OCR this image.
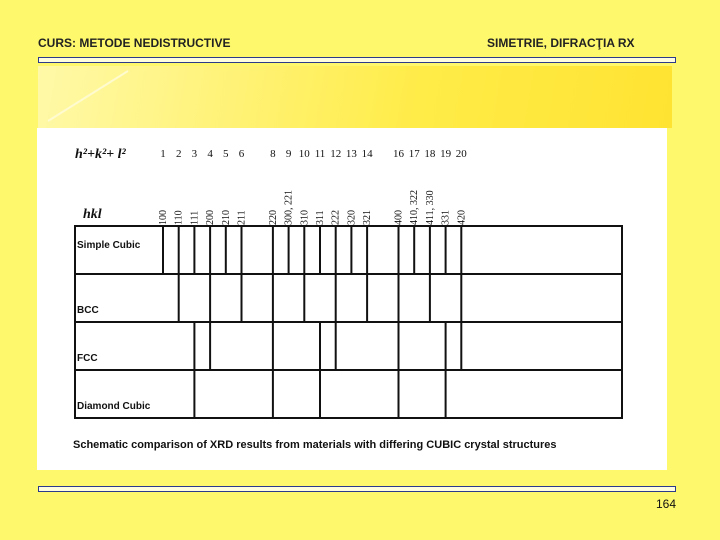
CURS: METODE NEDISTRUCTIVE	SIMETRIE, DIFRACŢIA RX
h²+k²+ l²
hkl
1 2 3 4 5 6 8 9 10 11 12 13 14 16 17 18 19 20
100 110 111 200 210 211 220 300, 221 310 311 222 320 321 400 410, 322 411, 330 331 420
Simple Cubic
BCC
FCC
Diamond Cubic
Schematic comparison of XRD results from materials with differing CUBIC crystal structures
164
